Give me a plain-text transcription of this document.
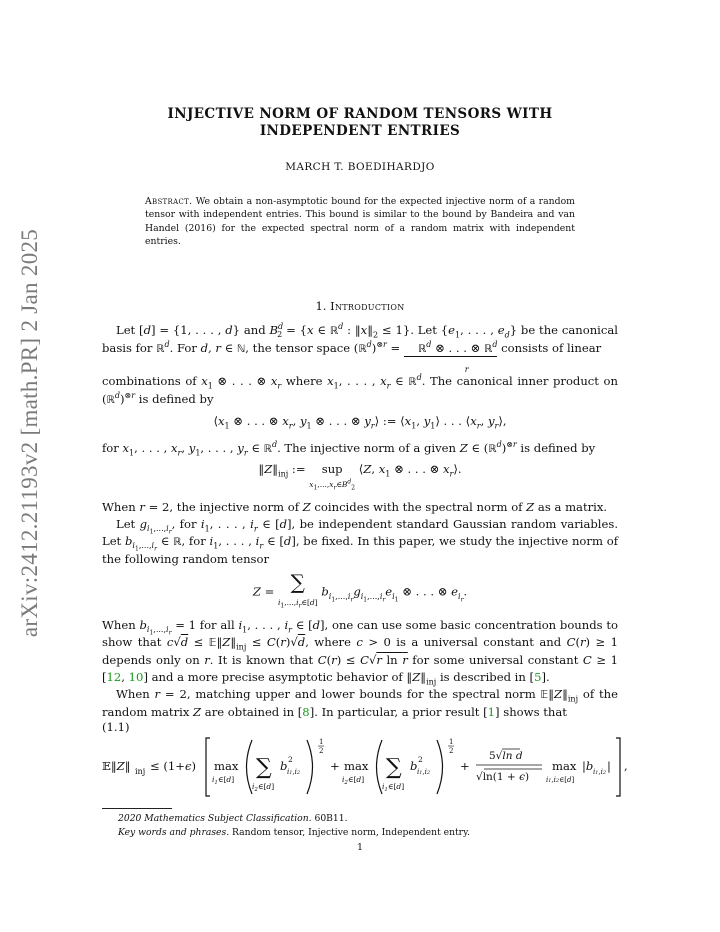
arXiv:2412.21193v2 [math.PR] 2 Jan 2025
INJECTIVE NORM OF RANDOM TENSORS WITH
INDEPENDENT ENTRIES
MARCH T. BOEDIHARDJO
Abstract. We obtain a non-asymptotic bound for the expected injective norm of a random tensor with independent entries. This bound is similar to the bound by Bandeira and van Handel (2016) for the expected spectral norm of a random matrix with independent entries.
1. Introduction
Let [d] = {1, . . . , d} and $B^d_2 = \{x$ ∈ ℝ$^d$ : $‖x‖_2 \le 1$}. Let {$e_1$, . . . , $e_d$} be the canonical basis for ℝ$^d$. For d, r ∈ ℕ, the tensor space (ℝ$^d$)$^{\otimes r}$ = ℝ$^d$ ⊗ . . . ⊗ ℝ$^d$
r
consists of linear
combinations of $x_1$ ⊗ . . . ⊗ $x_r$ where $x_1$, . . . , $x_r$ ∈ ℝ$^d$. The canonical inner product on (ℝ$^d$)$^{\otimes r}$ is defined by
$⟨x_1$ ⊗ . . . ⊗ $x_r$, $y_1$ ⊗ . . . ⊗ $y_r⟩$ := $⟨x_1$, $y_1⟩$ . . . $⟨x_r$, $y_r⟩$,
for $x_1$, . . . , $x_r$, $y_1$, . . . , $y_r$ ∈ ℝ$^d$. The injective norm of a given Z ∈ (ℝ$^d$)$^{\otimes r}$ is defined by
$‖Z‖_{inj}$ := sup
$x_1,...,x_r\in B^d_2$ ⟨Z, $x_1$ ⊗ . . . ⊗ $x_r⟩$.
When r = 2, the injective norm of Z coincides with the spectral norm of Z as a matrix.
Let $g_{i_1,...,i_r}$, for $i_1$, . . . , $i_r$ ∈ [d], be independent standard Gaussian random variables. Let $b_{i_1,...,i_r}$ ∈ ℝ, for $i_1$, . . . , $i_r$ ∈ [d], be fixed. In this paper, we study the injective norm of the following random tensor
Z = ∑
$i_1,...,i_r\in[d]$ $b_{i_1,...,i_r}g_{i_1,...,i_r}e_{i_1}$ ⊗ . . . ⊗ $e_{i_r}$.
When $b_{i_1,...,i_r} = 1$ for all $i_1$, . . . , $i_r$ ∈ [d], one can use some basic concentration bounds to show that $c√d \le 𝔼‖Z‖_{inj} \le C(r)√d$, where c > 0 is a universal constant and C(r) ≥ 1 depends only on r. It is known that C(r) ≤ C√r ln r for some universal constant C ≥ 1 [12, 10] and a more precise asymptotic behavior of $‖Z‖_{inj}$ is described in [5].
When r = 2, matching upper and lower bounds for the spectral norm $𝔼‖Z‖_{inj}$ of the random matrix Z are obtained in [8]. In particular, a prior result [1] shows that
(1.1)
𝔼‖Z‖ inj ≤ (1+ϵ) max
$i_1\in[d]$ ∑
$i_2\in[d]$
b 2
i1,i2
1
2
+ max
$i_2\in[d]$ ∑
$i_1\in[d]$
b 2
i1,i2
1
2
+
5√ln d
√ln(1 + ϵ)
max
i1,i2∈[d]
|b i1,i2 | ,
2020 Mathematics Subject Classification. 60B11.
Key words and phrases. Random tensor, Injective norm, Independent entry.
1
